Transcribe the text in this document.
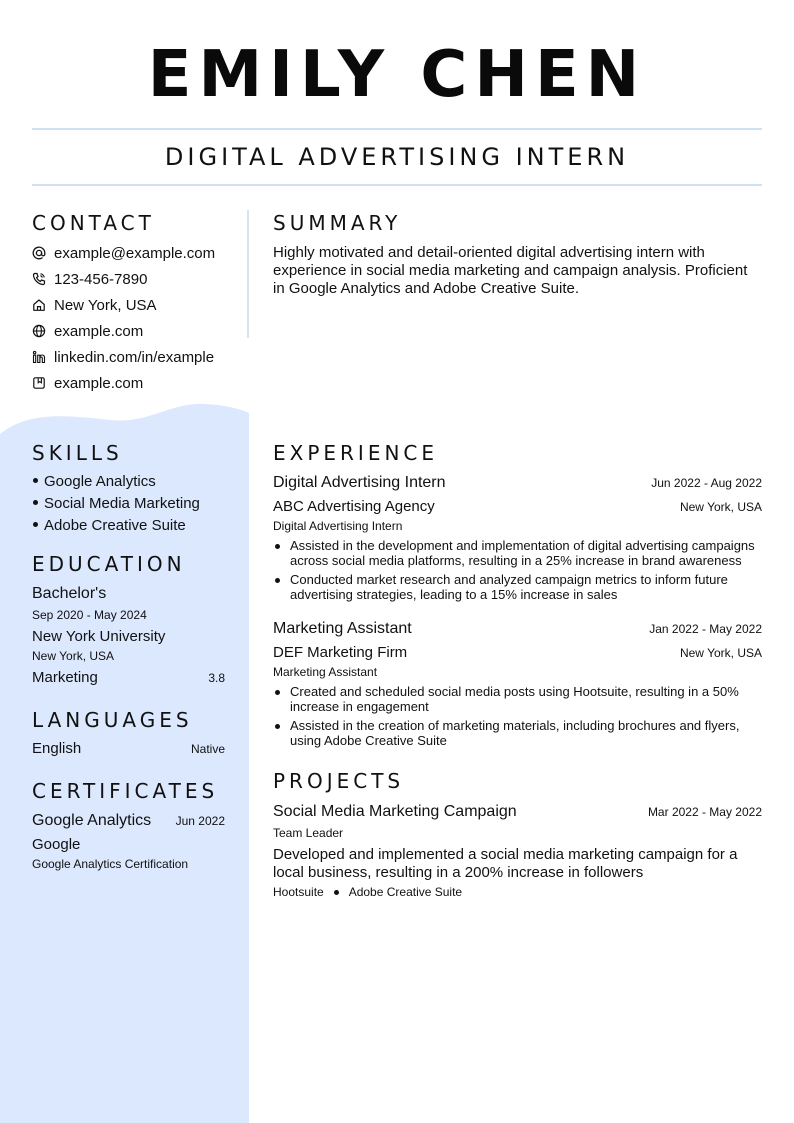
EMILY CHEN
DIGITAL ADVERTISING INTERN
CONTACT
example@example.com
123-456-7890
New York, USA
example.com
linkedin.com/in/example
example.com
SUMMARY
Highly motivated and detail-oriented digital advertising intern with experience in social media marketing and campaign analysis. Proficient in Google Analytics and Adobe Creative Suite.
SKILLS
Google Analytics
Social Media Marketing
Adobe Creative Suite
EDUCATION
Bachelor's
Sep 2020 - May 2024
New York University
New York, USA
Marketing	3.8
LANGUAGES
English	Native
CERTIFICATES
Google Analytics	Jun 2022
Google
Google Analytics Certification
EXPERIENCE
Digital Advertising Intern	Jun 2022 - Aug 2022
ABC Advertising Agency	New York, USA
Digital Advertising Intern
Assisted in the development and implementation of digital advertising campaigns across social media platforms, resulting in a 25% increase in brand awareness
Conducted market research and analyzed campaign metrics to inform future advertising strategies, leading to a 15% increase in sales
Marketing Assistant	Jan 2022 - May 2022
DEF Marketing Firm	New York, USA
Marketing Assistant
Created and scheduled social media posts using Hootsuite, resulting in a 50% increase in engagement
Assisted in the creation of marketing materials, including brochures and flyers, using Adobe Creative Suite
PROJECTS
Social Media Marketing Campaign	Mar 2022 - May 2022
Team Leader
Developed and implemented a social media marketing campaign for a local business, resulting in a 200% increase in followers
Hootsuite Adobe Creative Suite
